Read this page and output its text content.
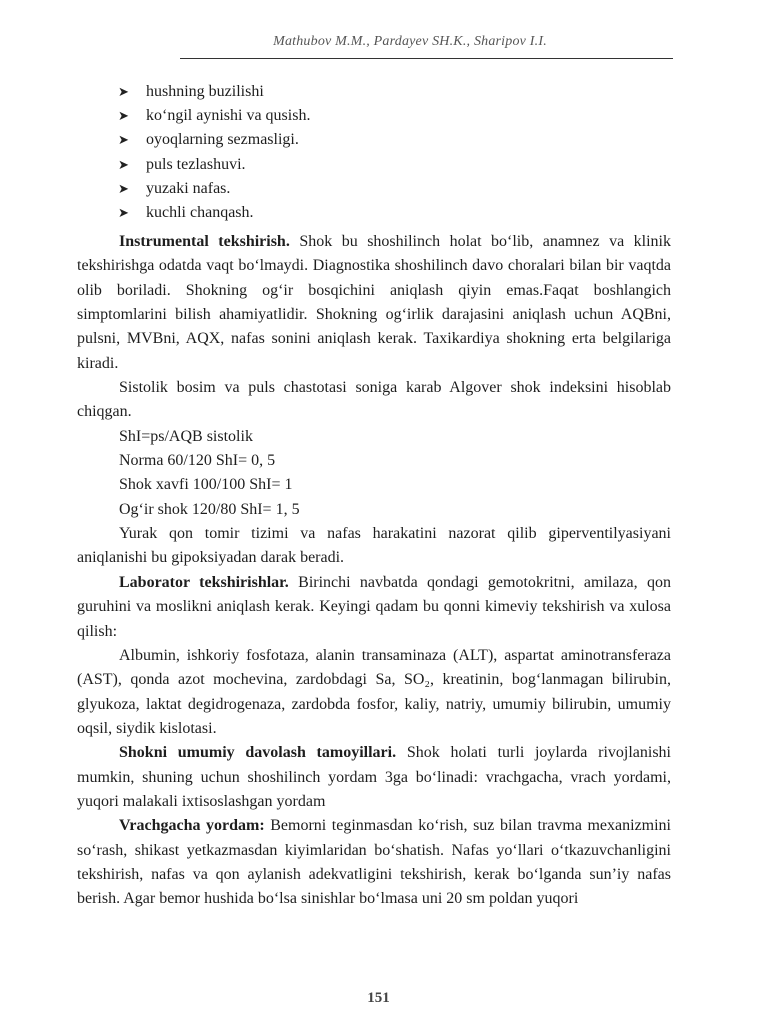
Mathubov M.M., Pardayev SH.K., Sharipov I.I.
➤	hushning buzilishi
➤	ko‘ngil aynishi va qusish.
➤	oyoqlarning sezmasligi.
➤	puls tezlashuvi.
➤	yuzaki nafas.
➤	kuchli chanqash.

Instrumental tekshirish. Shok bu shoshilinch holat bo‘lib, anamnez va klinik tekshirishga odatda vaqt bo‘lmaydi. Diagnostika shoshilinch davo choralari bilan bir vaqtda olib boriladi. Shokning og‘ir bosqichini aniqlash qiyin emas.Faqat boshlangich simptomlarini bilish ahamiyatlidir. Shokning og‘irlik darajasini aniqlash uchun AQBni, pulsni, MVBni, AQX, nafas sonini aniqlash kerak. Taxikardiya shokning erta belgilariga kiradi.

Sistolik bosim va puls chastotasi soniga karab Algover shok indeksini hisoblab chiqgan.

ShI=ps/AQB sistolik

Norma 60/120 ShI= 0, 5

Shok xavfi 100/100 ShI= 1

Og‘ir shok 120/80 ShI= 1, 5

Yurak qon tomir tizimi va nafas harakatini nazorat qilib giperventilyasiyani aniqlanishi bu gipoksiyadan darak beradi.

Laborator tekshirishlar. Birinchi navbatda qondagi gemotokritni, amilaza, qon guruhini va moslikni aniqlash kerak. Keyingi qadam bu qonni kimeviy tekshirish va xulosa qilish:

Albumin, ishkoriy fosfotaza, alanin transaminaza (ALT), aspartat aminotransferaza (AST), qonda azot mochevina, zardobdagi Sa, SO₂, kreatinin, bog‘lanmagan bilirubin, glyukoza, laktat degidrogenaza, zardobda fosfor, kaliy, natriy, umumiy bilirubin, umumiy oqsil, siydik kislotasi.

Shokni umumiy davolash tamoyillari. Shok holati turli joylarda rivojlanishi mumkin, shuning uchun shoshilinch yordam 3ga bo‘linadi: vrachgacha, vrach yordami, yuqori malakali ixtisoslashgan yordam

Vrachgacha yordam: Bemorni teginmasdan ko‘rish, suz bilan travma mexanizmini so‘rash, shikast yetkazmasdan kiyimlaridan bo‘shatish. Nafas yo‘llari o‘tkazuvchanligini tekshirish, nafas va qon aylanish adekvatligini tekshirish, kerak bo‘lganda sun’iy nafas berish. Agar bemor hushida bo‘lsa sinishlar bo‘lmasa uni 20 sm poldan yuqori

151
